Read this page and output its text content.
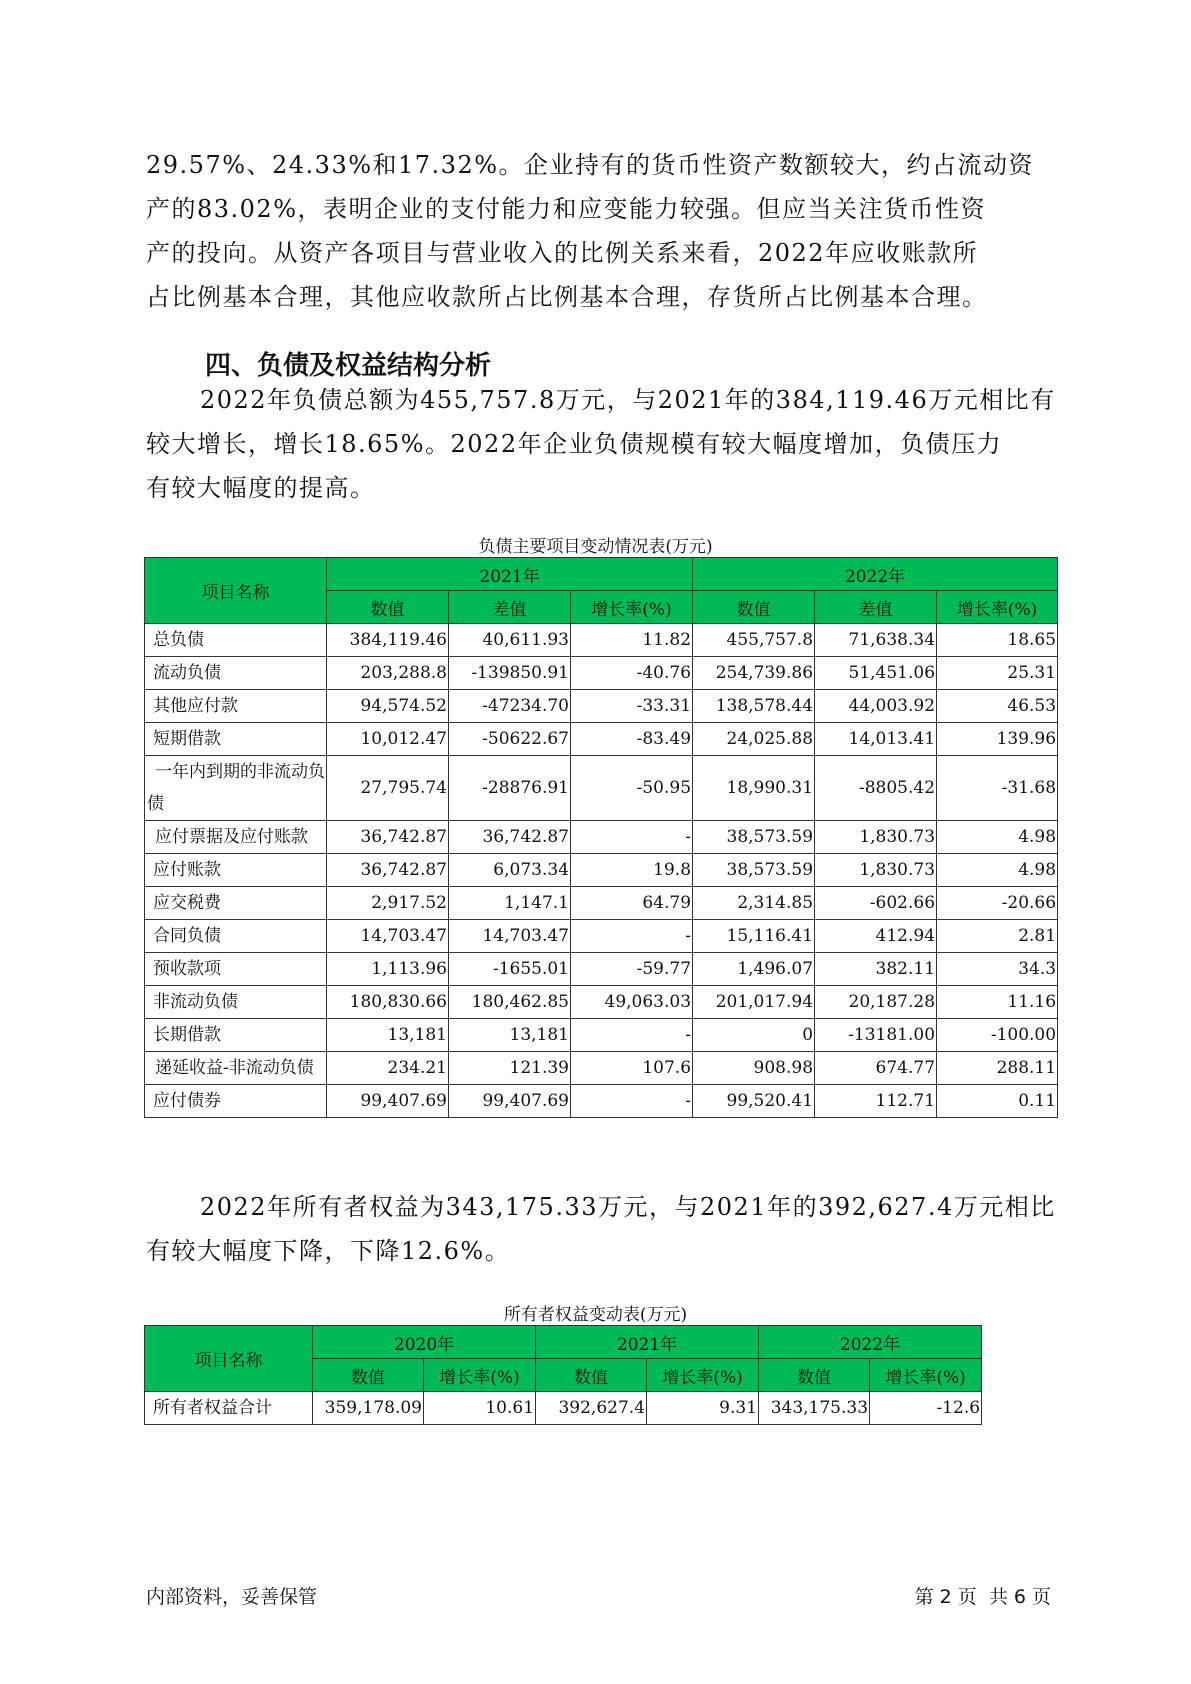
29.57%、24.33%和17.32%。企业持有的货币性资产数额较大，约占流动资
产的83.02%，表明企业的支付能力和应变能力较强。但应当关注货币性资
产的投向。从资产各项目与营业收入的比例关系来看，2022年应收账款所
占比例基本合理，其他应收款所占比例基本合理，存货所占比例基本合理。
四、负债及权益结构分析
2022年负债总额为455,757.8万元，与2021年的384,119.46万元相比有
较大增长，增长18.65%。2022年企业负债规模有较大幅度增加，负债压力
有较大幅度的提高。
负债主要项目变动情况表(万元)
项目名称	2021年			2022年		
	数值	差值	增长率(%)	数值	差值	增长率(%)
总负债	384,119.46	40,611.93	11.82	455,757.8	71,638.34	18.65
流动负债	203,288.8	-139850.91	-40.76	254,739.86	51,451.06	25.31
其他应付款	94,574.52	-47234.70	-33.31	138,578.44	44,003.92	46.53
短期借款	10,012.47	-50622.67	-83.49	24,025.88	14,013.41	139.96
一年内到期的非流动负债	27,795.74	-28876.91	-50.95	18,990.31	-8805.42	-31.68
应付票据及应付账款	36,742.87	36,742.87	-	38,573.59	1,830.73	4.98
应付账款	36,742.87	6,073.34	19.8	38,573.59	1,830.73	4.98
应交税费	2,917.52	1,147.1	64.79	2,314.85	-602.66	-20.66
合同负债	14,703.47	14,703.47	-	15,116.41	412.94	2.81
预收款项	1,113.96	-1655.01	-59.77	1,496.07	382.11	34.3
非流动负债	180,830.66	180,462.85	49,063.03	201,017.94	20,187.28	11.16
长期借款	13,181	13,181	-	0	-13181.00	-100.00
递延收益-非流动负债	234.21	121.39	107.6	908.98	674.77	288.11
应付债券	99,407.69	99,407.69	-	99,520.41	112.71	0.11
2022年所有者权益为343,175.33万元，与2021年的392,627.4万元相比
有较大幅度下降，下降12.6%。
所有者权益变动表(万元)
项目名称	2020年		2021年		2022年	
	数值	增长率(%)	数值	增长率(%)	数值	增长率(%)
所有者权益合计	359,178.09	10.61	392,627.4	9.31	343,175.33	-12.6
内部资料，妥善保管	第 2 页  共 6 页
